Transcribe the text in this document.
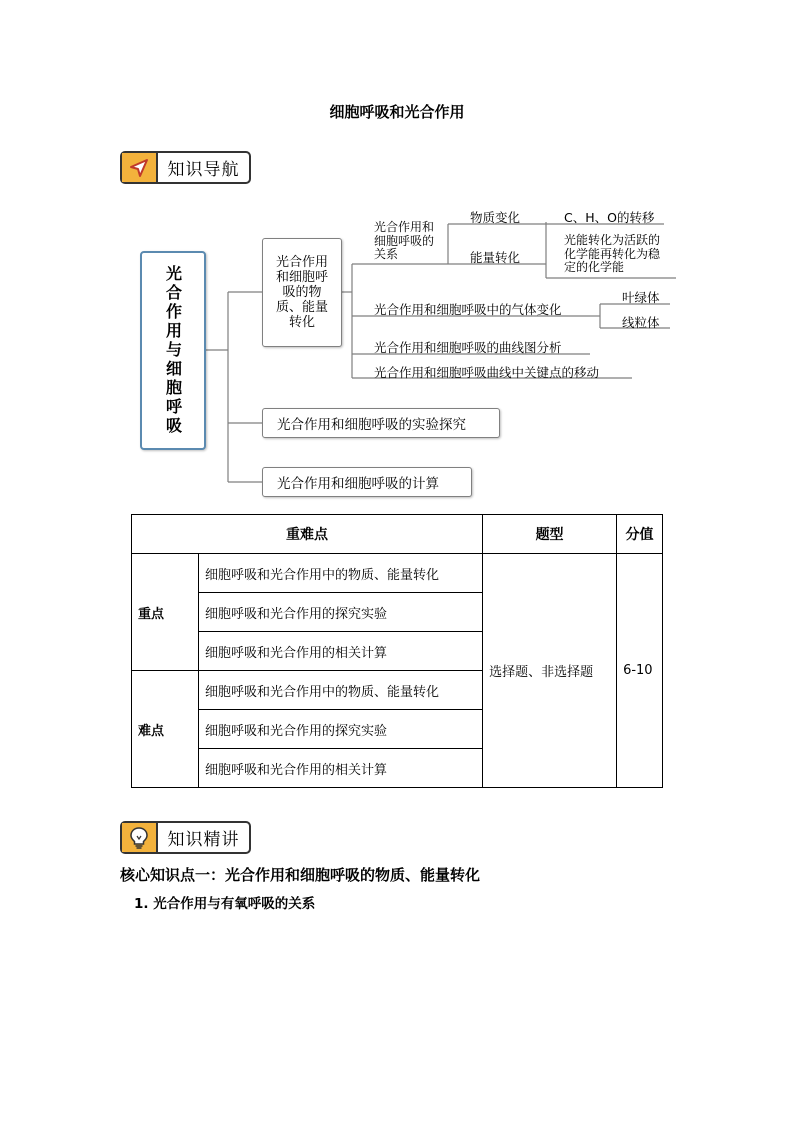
细胞呼吸和光合作用
知识导航
光合作用与细胞呼吸
光合作用和细胞呼吸的物质、能量转化
光合作用和细胞呼吸的实验探究
光合作用和细胞呼吸的计算
光合作用和细胞呼吸的关系
物质变化	C、H、O的转移
能量转化
光能转化为活跃的化学能再转化为稳定的化学能
光合作用和细胞呼吸中的气体变化
叶绿体
线粒体
光合作用和细胞呼吸的曲线图分析
光合作用和细胞呼吸曲线中关键点的移动
重难点		题型	分值
重点	细胞呼吸和光合作用中的物质、能量转化	选择题、非选择题	6-10
	细胞呼吸和光合作用的探究实验		
	细胞呼吸和光合作用的相关计算		
难点	细胞呼吸和光合作用中的物质、能量转化		
	细胞呼吸和光合作用的探究实验		
	细胞呼吸和光合作用的相关计算		
知识精讲
核心知识点一：光合作用和细胞呼吸的物质、能量转化
1. 光合作用与有氧呼吸的关系
